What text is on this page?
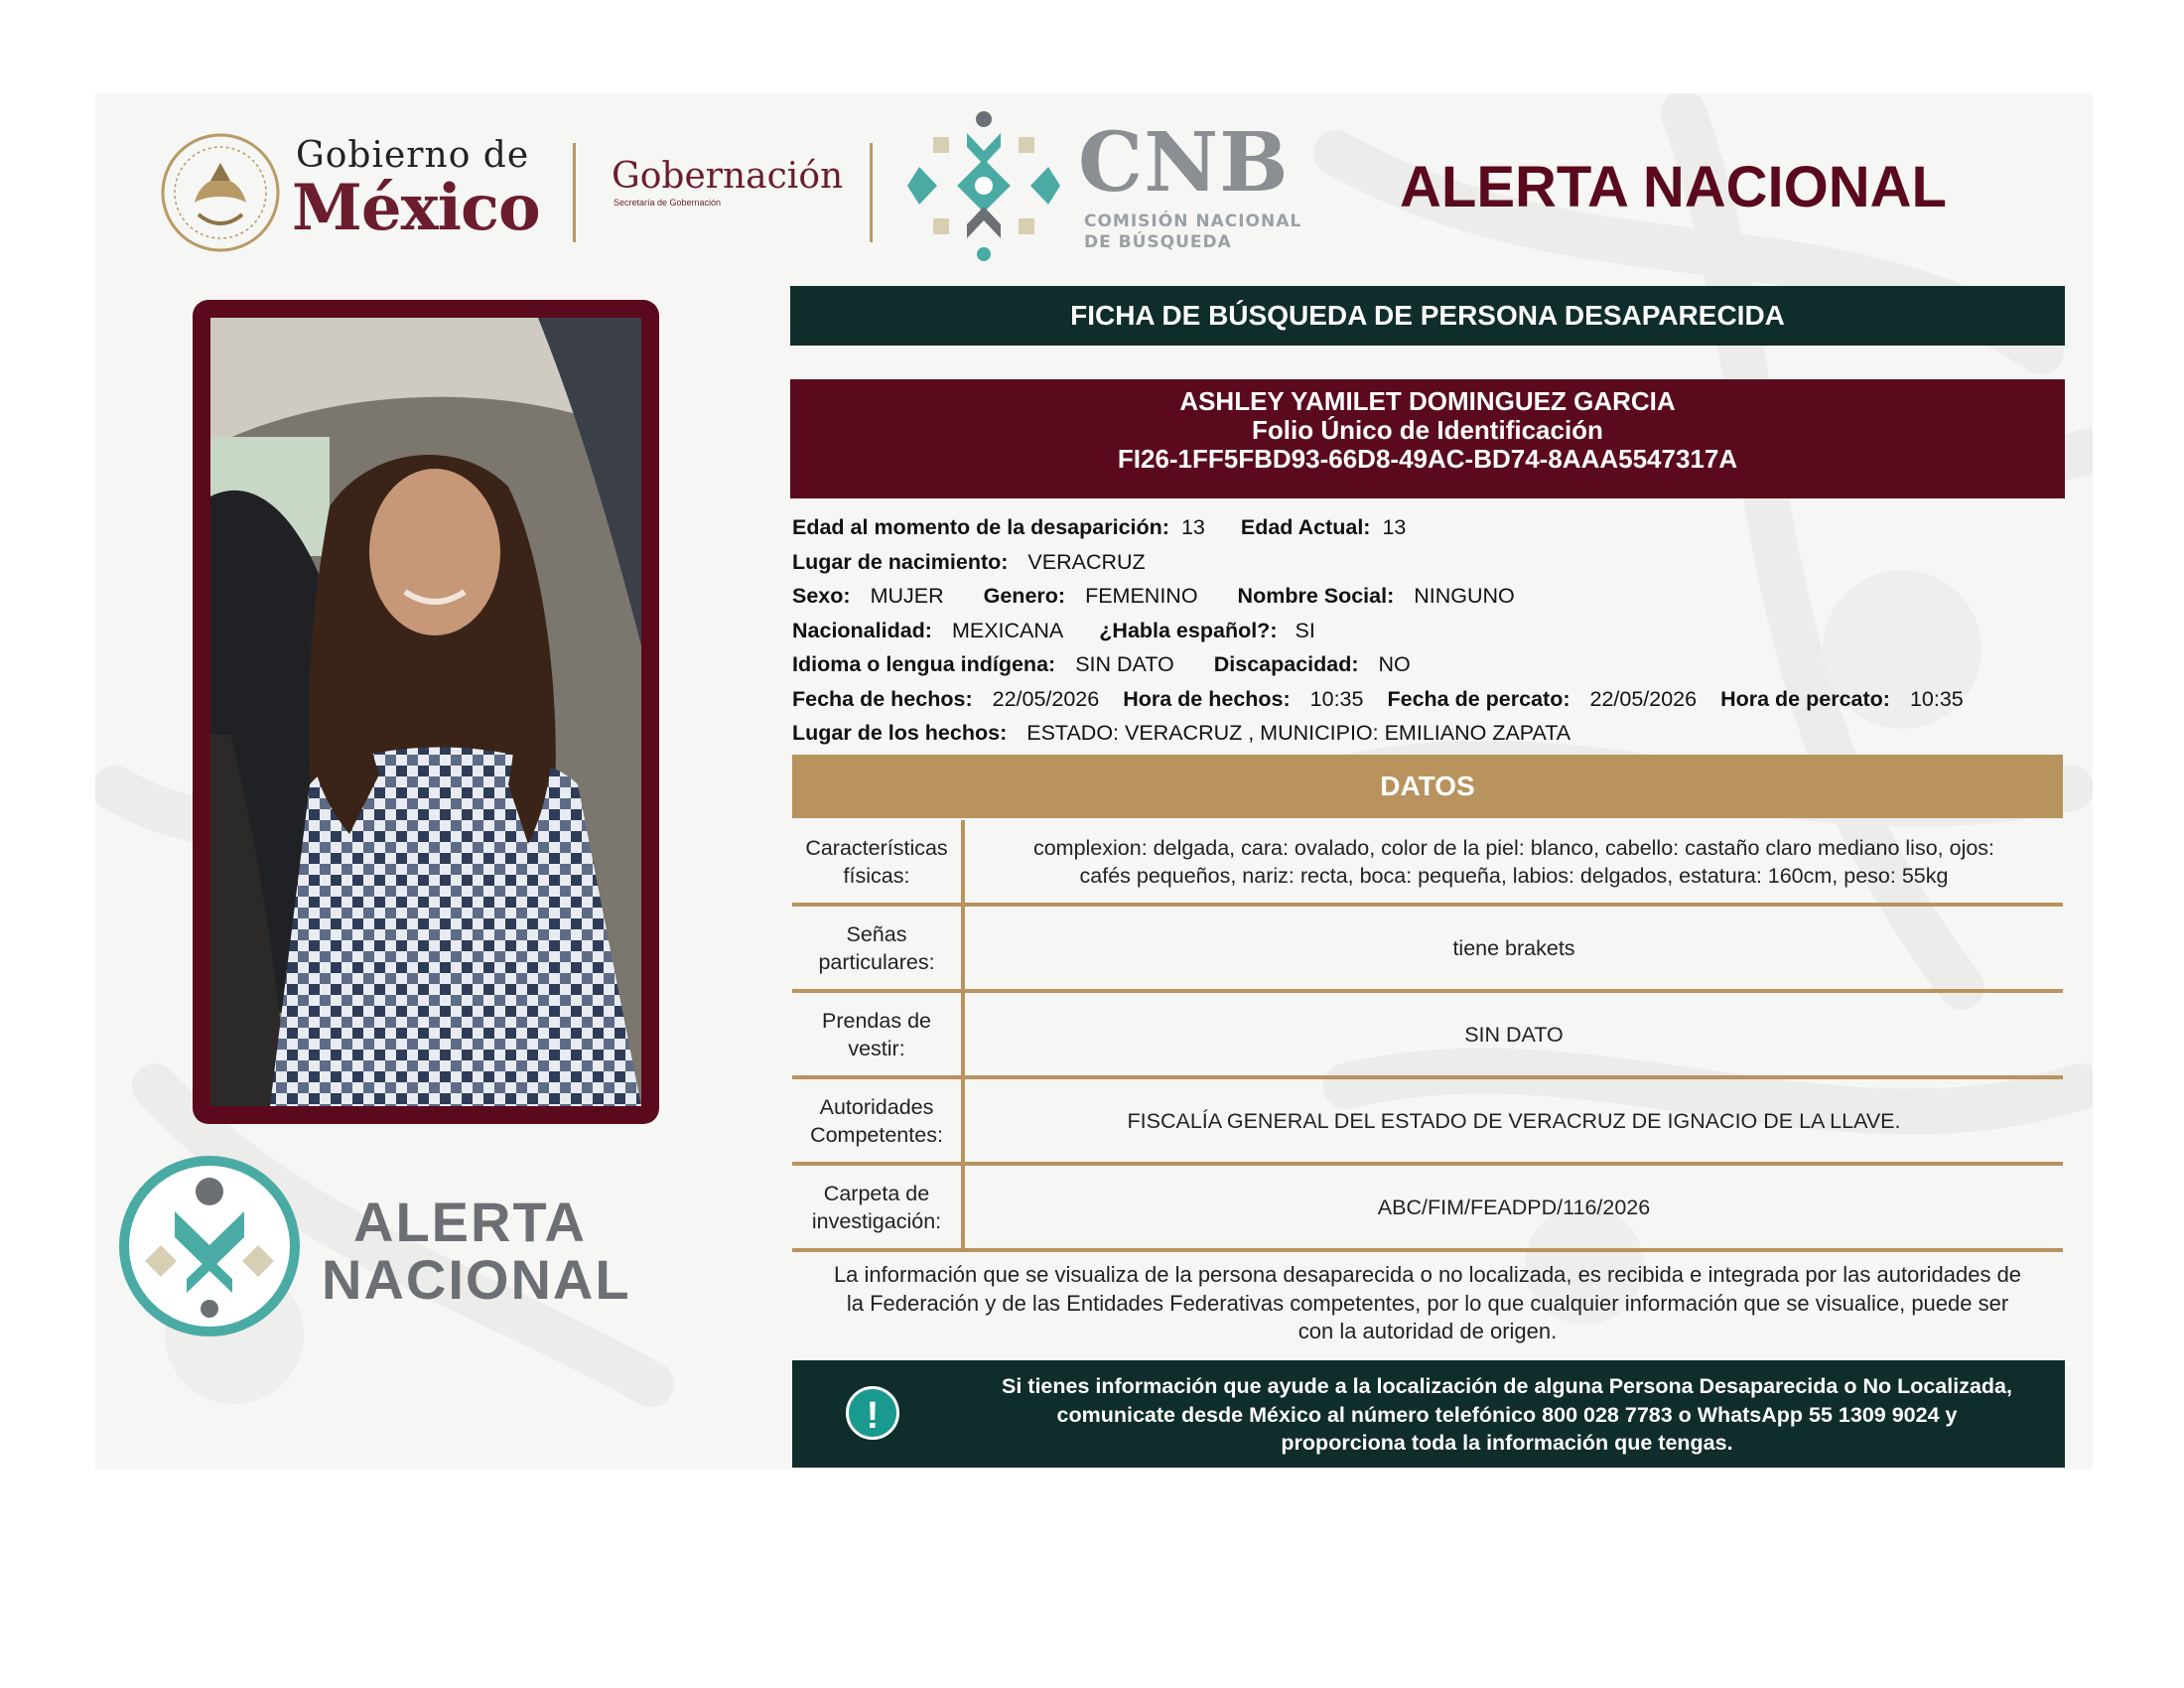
Gobierno de
México Gobernación
Secretaría de Gobernación	CNB
COMISIÓN NACIONAL
DE BÚSQUEDA
ALERTA NACIONAL
ALERTA
NACIONAL
FICHA DE BÚSQUEDA DE PERSONA DESAPARECIDA
ASHLEY YAMILET DOMINGUEZ GARCIA
Folio Único de Identificación
FI26-1FF5FBD93-66D8-49AC-BD74-8AAA5547317A
Edad al momento de la desaparición: 13 Edad Actual: 13
Lugar de nacimiento: VERACRUZ
Sexo: MUJER Genero: FEMENINO Nombre Social: NINGUNO
Nacionalidad: MEXICANA ¿Habla español?: SI
Idioma o lengua indígena: SIN DATO Discapacidad: NO
Fecha de hechos: 22/05/2026 Hora de hechos: 10:35 Fecha de percato: 22/05/2026 Hora de percato: 10:35
Lugar de los hechos: ESTADO: VERACRUZ , MUNICIPIO: EMILIANO ZAPATA
DATOS
Características
físicas:
complexion: delgada, cara: ovalado, color de la piel: blanco, cabello: castaño claro mediano liso, ojos:
cafés pequeños, nariz: recta, boca: pequeña, labios: delgados, estatura: 160cm, peso: 55kg
Señas
particulares:
tiene brakets
Prendas de
vestir:
SIN DATO
Autoridades
Competentes:
FISCALÍA GENERAL DEL ESTADO DE VERACRUZ DE IGNACIO DE LA LLAVE.
Carpeta de
investigación:
ABC/FIM/FEADPD/116/2026
La información que se visualiza de la persona desaparecida o no localizada, es recibida e integrada por las autoridades de
la Federación y de las Entidades Federativas competentes, por lo que cualquier información que se visualice, puede ser
con la autoridad de origen.
!
Si tienes información que ayude a la localización de alguna Persona Desaparecida o No Localizada,
comunicate desde México al número telefónico 800 028 7783 o WhatsApp 55 1309 9024 y
proporciona toda la información que tengas.
